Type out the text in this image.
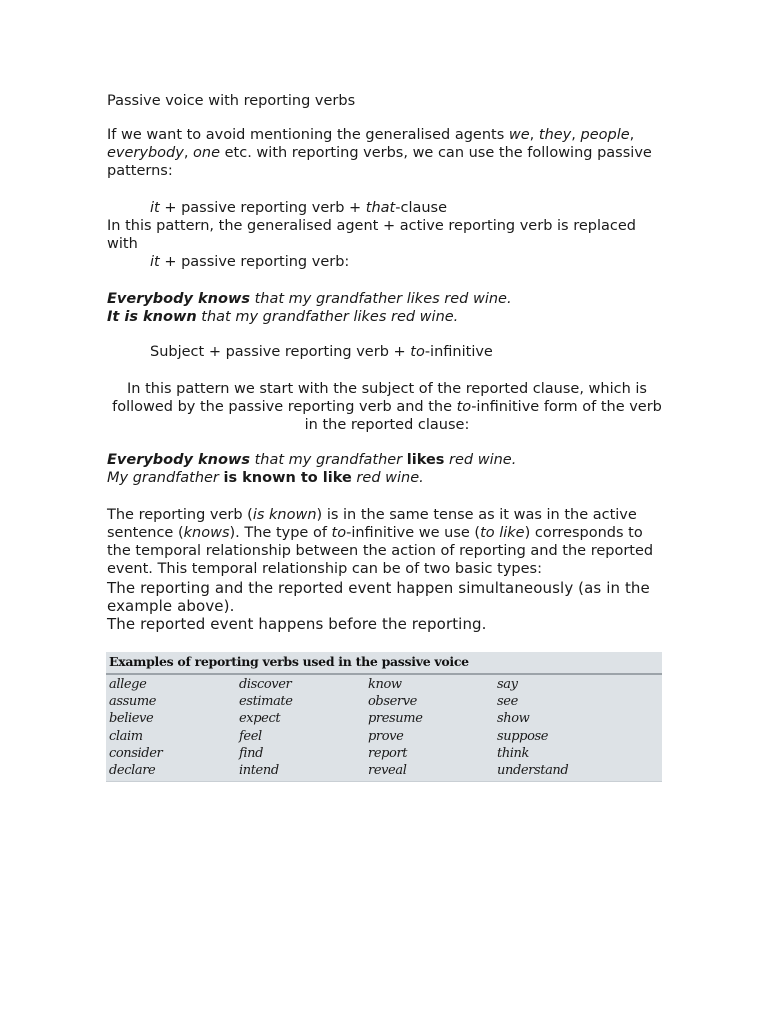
Passive voice with reporting verbs
If we want to avoid mentioning the generalised agents we, they, people,
everybody, one etc. with reporting verbs, we can use the following passive
patterns:
it + passive reporting verb + that-clause
In this pattern, the generalised agent + active reporting verb is replaced
with
it + passive reporting verb:
Everybody knows that my grandfather likes red wine.
It is known that my grandfather likes red wine.
Subject + passive reporting verb + to-infinitive
In this pattern we start with the subject of the reported clause, which is
followed by the passive reporting verb and the to-infinitive form of the verb
in the reported clause:
Everybody knows that my grandfather likes red wine.
My grandfather is known to like red wine.
The reporting verb (is known) is in the same tense as it was in the active
sentence (knows). The type of to-infinitive we use (to like) corresponds to
the temporal relationship between the action of reporting and the reported
event. This temporal relationship can be of two basic types:
The reporting and the reported event happen simultaneously (as in the
example above).
The reported event happens before the reporting.
Examples of reporting verbs used in the passive voice
allege	discover	know	say
assume	estimate	observe	see
believe	expect	presume	show
claim	feel	prove	suppose
consider	find	report	think
declare	intend	reveal	understand
